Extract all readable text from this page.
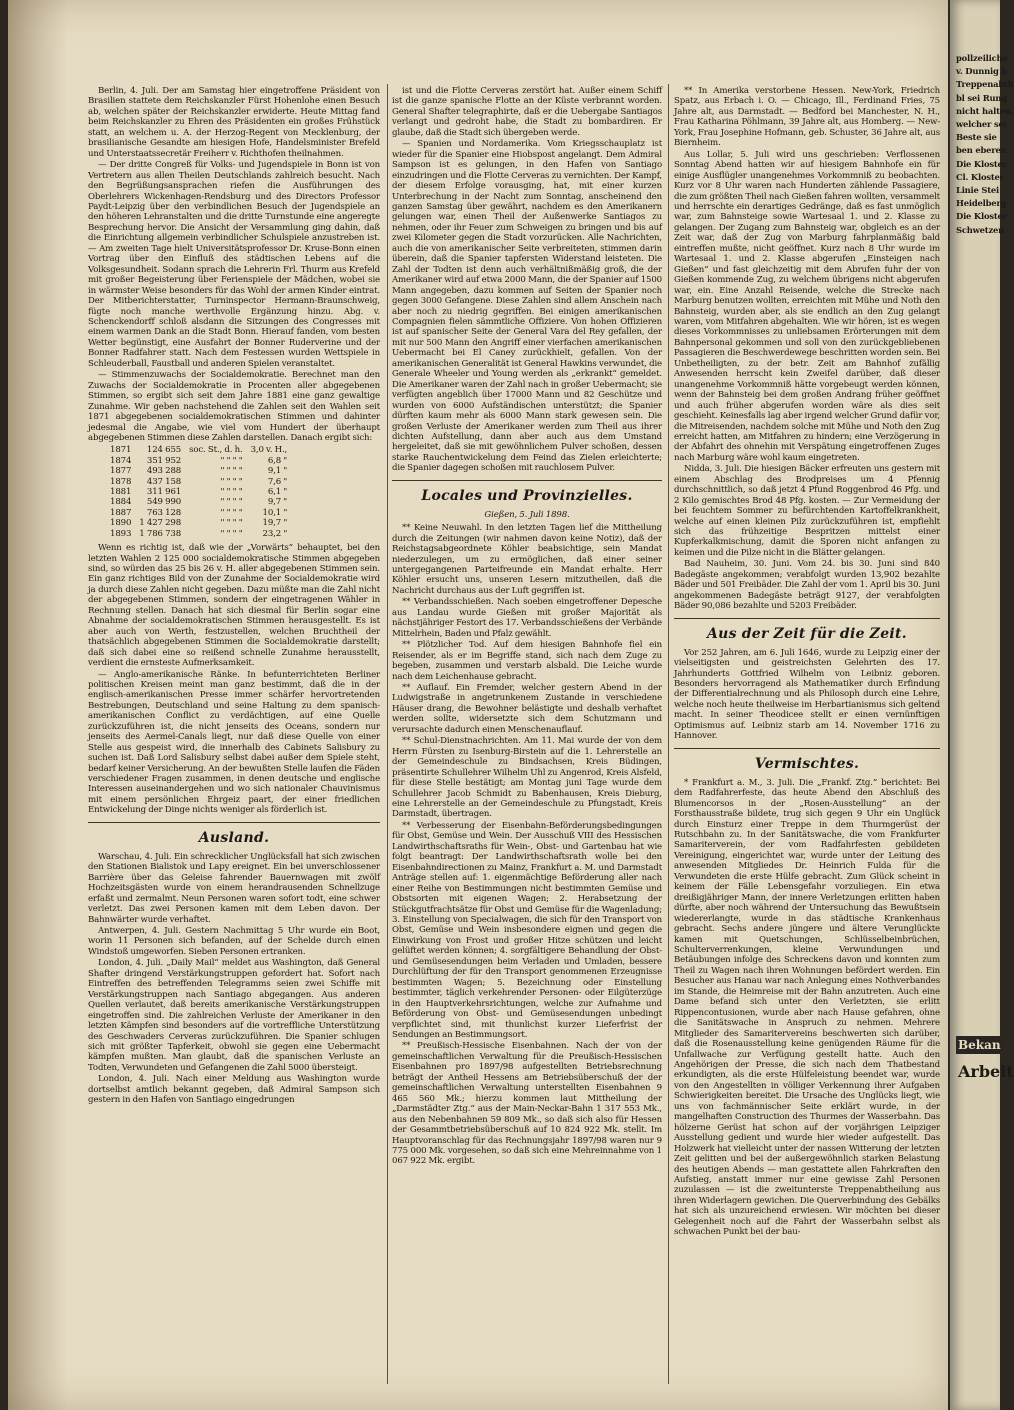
Berlin, 4. Juli. Der am Samstag hier eingetroffene Präsident von Brasilien stattete dem Reichskanzler Fürst Hohenlohe einen Besuch ab, welchen später der Reichskanzler erwiderte. Heute Mittag fand beim Reichskanzler zu Ehren des Präsidenten ein großes Frühstück statt, an welchem u. A. der Herzog-Regent von Mecklenburg, der brasilianische Gesandte am hiesigen Hofe, Handelsminister Brefeld und Unterstaatssecretär Freiherr v. Richthofen theilnahmen.

— Der dritte Congreß für Volks- und Jugendspiele in Bonn ist von Vertretern aus allen Theilen Deutschlands zahlreich besucht. Nach den Begrüßungsansprachen riefen die Ausführungen des Oberlehrers Wickenhagen-Rendsburg und des Directors Professor Paydt-Leipzig über den verbindlichen Besuch der Jugendspiele an den höheren Lehranstalten und die dritte Turnstunde eine angeregte Besprechung hervor. Die Ansicht der Versammlung ging dahin, daß die Einrichtung allgemein verbindlicher Schulspiele anzustreben ist. — Am zweiten Tage hielt Universitätsprofessor Dr. Kruse-Bonn einen Vortrag über den Einfluß des städtischen Lebens auf die Volksgesundheit. Sodann sprach die Lehrerin Frl. Thurm aus Krefeld mit großer Begeisterung über Ferienspiele der Mädchen, wobei sie in wärmster Weise besonders für das Wohl der armen Kinder eintrat. Der Mitberichterstatter, Turninspector Hermann-Braunschweig, fügte noch manche werthvolle Ergänzung hinzu. Abg. v. Schenckendorff schloß alsdann die Sitzungen des Congresses mit einem warmen Dank an die Stadt Bonn. Hierauf fanden, vom besten Wetter begünstigt, eine Ausfahrt der Bonner Ruderverine und der Bonner Radfahrer statt. Nach dem Festessen wurden Wettspiele in Schleuderball, Faustball und anderen Spielen veranstaltet.

— Stimmenzuwachs der Socialdemokratie. Berechnet man den Zuwachs der Socialdemokratie in Procenten aller abgegebenen Stimmen, so ergibt sich seit dem Jahre 1881 eine ganz gewaltige Zunahme. Wir geben nachstehend die Zahlen seit den Wahlen seit 1871 abgegebenen socialdemokratischen Stimmen und dahinter jedesmal die Angabe, wie viel vom Hundert der überhaupt abgegebenen Stimmen diese Zahlen darstellen. Danach ergibt sich:

1871	124 655	soc. St., d. h.	3,0 v. H.,
1874	351 952	" " " "	6,8 "
1877	493 288	" " " "	9,1 "
1878	437 158	" " " "	7,6 "
1881	311 961	" " " "	6,1 "
1884	549 990	" " " "	9,7 "
1887	763 128	" " " "	10,1 "
1890	1 427 298	" " " "	19,7 "
1893	1 786 738	" " " "	23,2 "

Wenn es richtig ist, daß wie der „Vorwärts“ behauptet, bei den letzten Wahlen 2 125 000 socialdemokratische Stimmen abgegeben sind, so würden das 25 bis 26 v. H. aller abgegebenen Stimmen sein. Ein ganz richtiges Bild von der Zunahme der Socialdemokratie wird ja durch diese Zahlen nicht gegeben. Dazu müßte man die Zahl nicht der abgegebenen Stimmen, sondern der eingetragenen Wähler in Rechnung stellen. Danach hat sich diesmal für Berlin sogar eine Abnahme der socialdemokratischen Stimmen herausgestellt. Es ist aber auch von Werth, festzustellen, welchen Bruchtheil der thatsächlich abgegebenen Stimmen die Socialdemokratie darstellt; daß sich dabei eine so reißend schnelle Zunahme herausstellt, verdient die ernsteste Aufmerksamkeit.

— Anglo-amerikanische Ränke. In befunterrichteten Berliner politischen Kreisen meint man ganz bestimmt, daß die in der englisch-amerikanischen Presse immer schärfer hervortretenden Bestrebungen, Deutschland und seine Haltung zu dem spanisch-amerikanischen Conflict zu verdächtigen, auf eine Quelle zurückzuführen ist, die nicht jenseits des Oceans, sondern nur jenseits des Aermel-Canals liegt, nur daß diese Quelle von einer Stelle aus gespeist wird, die innerhalb des Cabinets Salisbury zu suchen ist. Daß Lord Salisbury selbst dabei außer dem Spiele steht, bedarf keiner Versicherung. An der bewußten Stelle laufen die Fäden verschiedener Fragen zusammen, in denen deutsche und englische Interessen auseinandergehen und wo sich nationaler Chauvinismus mit einem persönlichen Ehrgeiz paart, der einer friedlichen Entwickelung der Dinge nichts weniger als förderlich ist.

Ausland.

Warschau, 4. Juli. Ein schrecklicher Unglücksfall hat sich zwischen den Stationen Bialistok und Lapy ereignet. Ein bei unverschlossener Barrière über das Geleise fahrender Bauernwagen mit zwölf Hochzeitsgästen wurde von einem herandrausenden Schnellzuge erfaßt und zermalmt. Neun Personen waren sofort todt, eine schwer verletzt. Das zwei Personen kamen mit dem Leben davon. Der Bahnwärter wurde verhaftet.

Antwerpen, 4. Juli. Gestern Nachmittag 5 Uhr wurde ein Boot, worin 11 Personen sich befanden, auf der Schelde durch einen Windstoß umgeworfen. Sieben Personen ertranken.

London, 4. Juli. „Daily Mail“ meldet aus Washington, daß General Shafter dringend Verstärkungstruppen gefordert hat. Sofort nach Eintreffen des betreffenden Telegramms seien zwei Schiffe mit Verstärkungstruppen nach Santiago abgegangen. Aus anderen Quellen verlautet, daß bereits amerikanische Verstärkungstruppen eingetroffen sind. Die zahlreichen Verluste der Amerikaner in den letzten Kämpfen sind besonders auf die vortreffliche Unterstützung des Geschwaders Cerveras zurückzuführen. Die Spanier schlugen sich mit größter Tapferkeit, obwohl sie gegen eine Uebermacht kämpfen mußten. Man glaubt, daß die spanischen Verluste an Todten, Verwundeten und Gefangenen die Zahl 5000 übersteigt.

London, 4. Juli. Nach einer Meldung aus Washington wurde dortselbst amtlich bekannt gegeben, daß Admiral Sampson sich gestern in den Hafen von Santiago eingedrungen

ist und die Flotte Cerveras zerstört hat. Außer einem Schiff ist die ganze spanische Flotte an der Küste verbrannt worden. General Shafter telegraphirte, daß er die Uebergabe Santiagos verlangt und gedroht habe, die Stadt zu bombardiren. Er glaube, daß die Stadt sich übergeben werde.

— Spanien und Nordamerika. Vom Kriegsschauplatz ist wieder für die Spanier eine Hiobspost angelangt. Dem Admiral Sampson ist es gelungen, in den Hafen von Santiago einzudringen und die Flotte Cerveras zu vernichten. Der Kampf, der diesem Erfolge vorausging, hat, mit einer kurzen Unterbrechung in der Nacht zum Sonntag, anscheinend den ganzen Samstag über gewährt, nachdem es den Amerikanern gelungen war, einen Theil der Außenwerke Santiagos zu nehmen, oder ihr Feuer zum Schweigen zu bringen und bis auf zwei Kilometer gegen die Stadt vorzurücken. Alle Nachrichten, auch die von amerikanischer Seite verbreiteten, stimmen darin überein, daß die Spanier tapfersten Widerstand leisteten. Die Zahl der Todten ist denn auch verhältnißmäßig groß, die der Amerikaner wird auf etwa 2000 Mann, die der Spanier auf 1500 Mann angegeben, dazu kommen auf Seiten der Spanier noch gegen 3000 Gefangene. Diese Zahlen sind allem Anschein nach aber noch zu niedrig gegriffen. Bei einigen amerikanischen Compagnien fielen sämmtliche Offiziere. Von hohen Offizieren ist auf spanischer Seite der General Vara del Rey gefallen, der mit nur 500 Mann den Angriff einer vierfachen amerikanischen Uebermacht bei El Caney zurückhielt, gefallen. Von der amerikanischen Generalität ist General Hawkins verwundet, die Generale Wheeler und Young werden als „erkrankt“ gemeldet. Die Amerikaner waren der Zahl nach in großer Uebermacht; sie verfügten angeblich über 17000 Mann und 82 Geschütze und wurden von 6000 Aufständischen unterstützt; die Spanier dürften kaum mehr als 6000 Mann stark gewesen sein. Die großen Verluste der Amerikaner werden zum Theil aus ihrer dichten Aufstellung, dann aber auch aus dem Umstand hergeleitet, daß sie mit gewöhnlichem Pulver schoßen, dessen starke Rauchentwickelung dem Feind das Zielen erleichterte; die Spanier dagegen schoßen mit rauchlosem Pulver.

Locales und Provinzielles.
Gießen, 5. Juli 1898.

** Keine Neuwahl. In den letzten Tagen lief die Mittheilung durch die Zeitungen (wir nahmen davon keine Notiz), daß der Reichstagsabgeordnete Köhler beabsichtige, sein Mandat niederzulegen, um zu ermöglichen, daß einer seiner untergegangenen Parteifreunde ein Mandat erhalte. Herr Köhler ersucht uns, unseren Lesern mitzutheilen, daß die Nachricht durchaus aus der Luft gegriffen ist.

** Verbandsschießen. Nach soeben eingetroffener Depesche aus Landau wurde Gießen mit großer Majorität als nächstjähriger Festort des 17. Verbandsschießens der Verbände Mittelrhein, Baden und Pfalz gewählt.

** Plötzlicher Tod. Auf dem hiesigen Bahnhofe fiel ein Reisender, als er im Begriffe stand, sich nach dem Zuge zu begeben, zusammen und verstarb alsbald. Die Leiche wurde nach dem Leichenhause gebracht.

** Auflauf. Ein Fremder, welcher gestern Abend in der Ludwigstraße in angetrunkenem Zustande in verschiedene Häuser drang, die Bewohner belästigte und deshalb verhaftet werden sollte, widersetzte sich dem Schutzmann und verursachte dadurch einen Menschenauflauf.

** Schul-Dienstnachrichten. Am 11. Mai wurde der von dem Herrn Fürsten zu Isenburg-Birstein auf die 1. Lehrerstelle an der Gemeindeschule zu Bindsachsen, Kreis Büdingen, präsentirte Schullehrer Wilhelm Uhl zu Angenrod, Kreis Alsfeld, für diese Stelle bestätigt; am Montag juni Tage wurde dem Schullehrer Jacob Schmidt zu Babenhausen, Kreis Dieburg, eine Lehrerstelle an der Gemeindeschule zu Pfungstadt, Kreis Darmstadt, übertragen.

** Verbesserung der Eisenbahn-Beförderungsbedingungen für Obst, Gemüse und Wein. Der Ausschuß VIII des Hessischen Landwirthschaftsraths für Wein-, Obst- und Gartenbau hat wie folgt beantragt: Der Landwirthschaftsrath wolle bei den Eisenbahndirectionen zu Mainz, Frankfurt a. M. und Darmstadt Anträge stellen auf: 1. eigenmächtige Beförderung aller nach einer Reihe von Bestimmungen nicht bestimmten Gemüse und Obstsorten mit eigenen Wagen; 2. Herabsetzung der Stückgutfrachtsätze für Obst und Gemüse für die Wagenladung; 3. Einstellung von Specialwagen, die sich für den Transport von Obst, Gemüse und Wein insbesondere eignen und gegen die Einwirkung von Frost und großer Hitze schützen und leicht gelüftet werden können; 4. sorgfältigere Behandlung der Obst- und Gemüsesendungen beim Verladen und Umladen, bessere Durchlüftung der für den Transport genommenen Erzeugnisse bestimmten Wagen; 5. Bezeichnung oder Einstellung bestimmter, täglich verkehrender Personen- oder Eilgüterzüge in den Hauptverkehrsrichtungen, welche zur Aufnahme und Beförderung von Obst- und Gemüsesendungen unbedingt verpflichtet sind, mit thunlichst kurzer Lieferfrist der Sendungen an Bestimmungsort.

** Preußisch-Hessische Eisenbahnen. Nach der von der gemeinschaftlichen Verwaltung für die Preußisch-Hessischen Eisenbahnen pro 1897/98 aufgestellten Betriebsrechnung beträgt der Antheil Hessens am Betriebsüberschuß der der gemeinschaftlichen Verwaltung unterstellten Eisenbahnen 9 465 560 Mk.; hierzu kommen laut Mittheilung der „Darmstädter Ztg.“ aus der Main-Neckar-Bahn 1 317 553 Mk., aus den Nebenbahnen 59 809 Mk., so daß sich also für Hessen der Gesammtbetriebsüberschuß auf 10 824 922 Mk. stellt. Im Hauptvoranschlag für das Rechnungsjahr 1897/98 waren nur 9 775 000 Mk. vorgesehen, so daß sich eine Mehreinnahme von 1 067 922 Mk. ergibt.

** In Amerika verstorbene Hessen. New-York, Friedrich Spatz, aus Erbach i. O. — Chicago, Ill., Ferdinand Fries, 75 Jahre alt, aus Darmstadt. — Bedford bei Manchester, N. H., Frau Katharina Pöhlmann, 39 Jahre alt, aus Homberg. — New-York, Frau Josephine Hofmann, geb. Schuster, 36 Jahre alt, aus Biernheim.

Aus Lollar, 5. Juli wird uns geschrieben: Verflossenen Sonntag Abend hatten wir auf hiesigem Bahnhofe ein für einige Ausflügler unangenehmes Vorkommniß zu beobachten. Kurz vor 8 Uhr waren nach Hunderten zählende Passagiere, die zum größten Theil nach Gießen fahren wollten, versammelt und herrschte ein derartiges Gedränge, daß es fast unmöglich war, zum Bahnsteige sowie Wartesaal 1. und 2. Klasse zu gelangen. Der Zugang zum Bahnsteig war, obgleich es an der Zeit war, daß der Zug von Marburg fahrplanmäßig bald eintreffen mußte, nicht geöffnet. Kurz nach 8 Uhr wurde im Wartesaal 1. und 2. Klasse abgerufen „Einsteigen nach Gießen“ und fast gleichzeitig mit dem Abrufen fuhr der von Gießen kommende Zug, zu welchem übrigens nicht abgerufen war, ein. Eine Anzahl Reisende, welche die Strecke nach Marburg benutzen wollten, erreichten mit Mühe und Noth den Bahnsteig, wurden aber, als sie endlich an den Zug gelangt waren, vom Mitfahren abgehalten. Wie wir hören, ist es wegen dieses Vorkommnisses zu unliebsamen Erörterungen mit dem Bahnpersonal gekommen und soll von den zurückgebliebenen Passagieren die Beschwerdewege beschritten worden sein. Bei Unbetheiligten, zu der betr. Zeit am Bahnhof zufällig Anwesenden herrscht kein Zweifel darüber, daß dieser unangenehme Vorkommniß hätte vorgebeugt werden können, wenn der Bahnsteig bei dem großen Andrang früher geöffnet und auch früher abgerufen worden wäre als dies seit geschieht. Keinesfalls lag aber irgend welcher Grund dafür vor, die Mitreisenden, nachdem solche mit Mühe und Noth den Zug erreicht hatten, am Mitfahren zu hindern; eine Verzögerung in der Abfahrt des ohnehin mit Verspätung eingetroffenen Zuges nach Marburg wäre wohl kaum eingetreten.

Nidda, 3. Juli. Die hiesigen Bäcker erfreuten uns gestern mit einem Abschlag des Brodpreises um 4 Pfennig durchschnittlich, so daß jetzt 4 Pfund Roggenbrod 46 Pfg. und 2 Kilo gemischtes Brod 48 Pfg. kosten. — Zur Vermeidung der bei feuchtem Sommer zu befürchtenden Kartoffelkrankheit, welche auf einen kleinen Pilz zurückzuführen ist, empfiehlt sich das frühzeitige Bespritzen mittelst einer Kupferkalkmischung, damit die Sporen nicht anfangen zu keimen und die Pilze nicht in die Blätter gelangen.

Bad Nauheim, 30. Juni. Vom 24. bis 30. Juni sind 840 Badegäste angekommen; verabfolgt wurden 13,902 bezahlte Bäder und 501 Freibäder. Die Zahl der vom 1. April bis 30. Juni angekommenen Badegäste beträgt 9127, der verabfolgten Bäder 90,086 bezahlte und 5203 Freibäder.

Aus der Zeit für die Zeit.

Vor 252 Jahren, am 6. Juli 1646, wurde zu Leipzig einer der vielseitigsten und geistreichsten Gelehrten des 17. Jahrhunderts Gottfried Wilhelm von Leibniz geboren. Besonders hervorragend als Mathematiker durch Erfindung der Differentialrechnung und als Philosoph durch eine Lehre, welche noch heute theilweise im Herbartianismus sich geltend macht. In seiner Theodicee stellt er einen vernünftigen Optimismus auf. Leibniz starb am 14. November 1716 zu Hannover.

Vermischtes.

* Frankfurt a. M., 3. Juli. Die „Frankf. Ztg.“ berichtet: Bei dem Radfahrerfeste, das heute Abend den Abschluß des Blumencorsos in der „Rosen-Ausstellung“ an der Forsthausstraße bildete, trug sich gegen 9 Uhr ein Unglück durch Einsturz einer Treppe in dem Thurmgerüst der Rutschbahn zu. In der Sanitätswache, die vom Frankfurter Samariterverein, der vom Radfahrfesten gebildeten Vereinigung, eingerichtet war, wurde unter der Leitung des anwesenden Mitgliedes Dr. Heinrich Fulda für die Verwundeten die erste Hülfe gebracht. Zum Glück scheint in keinem der Fälle Lebensgefahr vorzuliegen. Ein etwa dreißigjähriger Mann, der innere Verletzungen erlitten haben dürfte, aber noch während der Untersuchung das Bewußtsein wiedererlangte, wurde in das städtische Krankenhaus gebracht. Sechs andere jüngere und ältere Verunglückte kamen mit Quetschungen, Schlüsselbeinbrüchen, Schulterverrenkungen, kleine Verwundungen und Betäubungen infolge des Schreckens davon und konnten zum Theil zu Wagen nach ihren Wohnungen befördert werden. Ein Besucher aus Hanau war nach Anlegung eines Nothverbandes im Stande, die Heimreise mit der Bahn anzutreten. Auch eine Dame befand sich unter den Verletzten, sie erlitt Rippencontusionen, wurde aber nach Hause gefahren, ohne die Sanitätswache in Anspruch zu nehmen. Mehrere Mitglieder des Samaritervereins beschwerten sich darüber, daß die Rosenausstellung keine genügenden Räume für die Unfallwache zur Verfügung gestellt hatte. Auch den Angehörigen der Presse, die sich nach dem Thatbestand erkundigten, als die erste Hülfeleistung beendet war, wurde von den Angestellten in völliger Verkennung ihrer Aufgaben Schwierigkeiten bereitet. Die Ursache des Unglücks liegt, wie uns von fachmännischer Seite erklärt wurde, in der mangelhaften Construction des Thurmes der Wasserbahn. Das hölzerne Gerüst hat schon auf der vorjährigen Leipziger Ausstellung gedient und wurde hier wieder aufgestellt. Das Holzwerk hat vielleicht unter der nassen Witterung der letzten Zeit gelitten und bei der außergewöhnlich starken Belastung des heutigen Abends — man gestattete allen Fahrkraften den Aufstieg, anstatt immer nur eine gewisse Zahl Personen zuzulassen — ist die zweitunterste Treppenabtheilung aus ihren Widerlagern gewichen. Die Querverbindung des Gebälks hat sich als unzureichend erwiesen. Wir möchten bei dieser Gelegenheit noch auf die Fahrt der Wasserbahn selbst als schwachen Punkt bei der bau-

pollzeiliche
v. Dunnig h
Treppenabth
bl sei Rung
nicht halten,
welcher sei
Beste sie
ben eberen
Die Kloster
Cl. Kloster
Linie Stei
Heidelberg
Die Kloster
Schwetzen
Bekan
Arbeit
